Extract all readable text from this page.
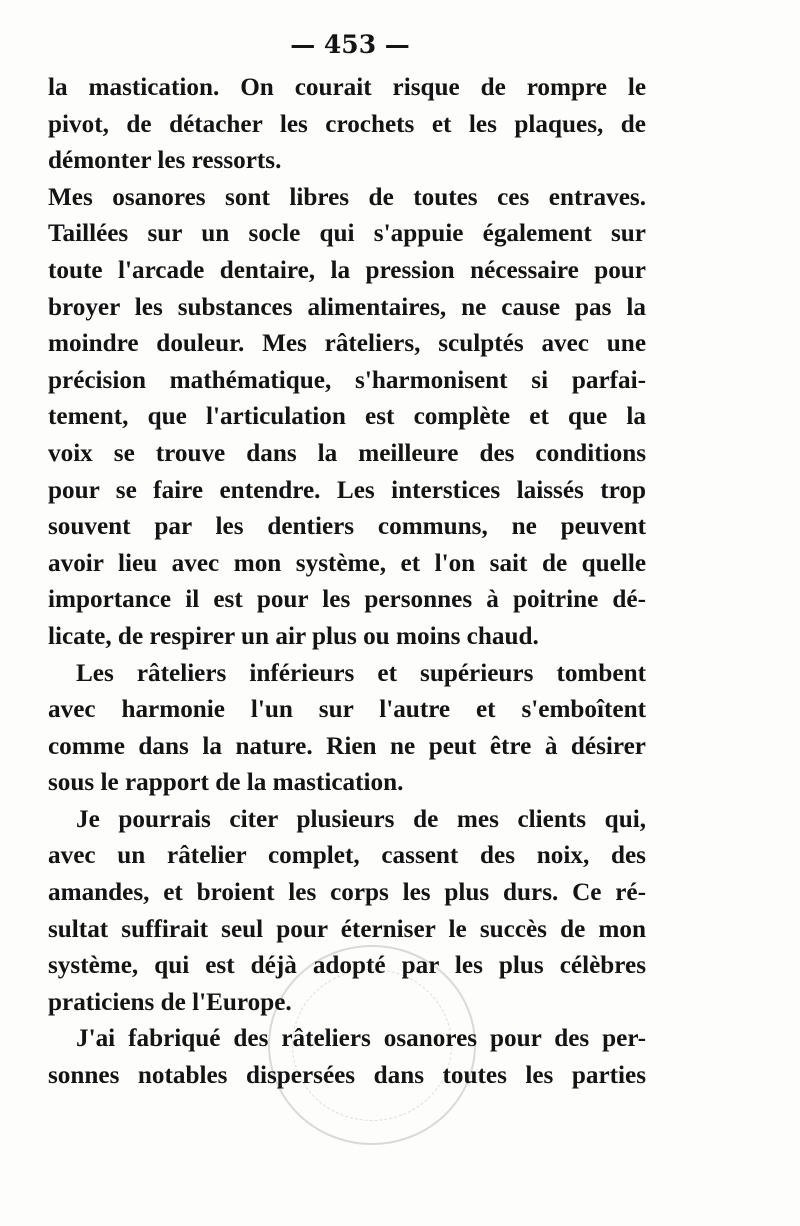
— 453 —
la mastication. On courait risque de rompre le
pivot, de détacher les crochets et les plaques, de
démonter les ressorts.
Mes osanores sont libres de toutes ces entraves.
Taillées sur un socle qui s'appuie également sur
toute l'arcade dentaire, la pression nécessaire pour
broyer les substances alimentaires, ne cause pas la
moindre douleur. Mes râteliers, sculptés avec une
précision mathématique, s'harmonisent si parfai-
tement, que l'articulation est complète et que la
voix se trouve dans la meilleure des conditions
pour se faire entendre. Les interstices laissés trop
souvent par les dentiers communs, ne peuvent
avoir lieu avec mon système, et l'on sait de quelle
importance il est pour les personnes à poitrine dé-
licate, de respirer un air plus ou moins chaud.
Les râteliers inférieurs et supérieurs tombent
avec harmonie l'un sur l'autre et s'emboîtent
comme dans la nature. Rien ne peut être à désirer
sous le rapport de la mastication.
Je pourrais citer plusieurs de mes clients qui,
avec un râtelier complet, cassent des noix, des
amandes, et broient les corps les plus durs. Ce ré-
sultat suffirait seul pour éterniser le succès de mon
système, qui est déjà adopté par les plus célèbres
praticiens de l'Europe.
J'ai fabriqué des râteliers osanores pour des per-
sonnes notables dispersées dans toutes les parties
